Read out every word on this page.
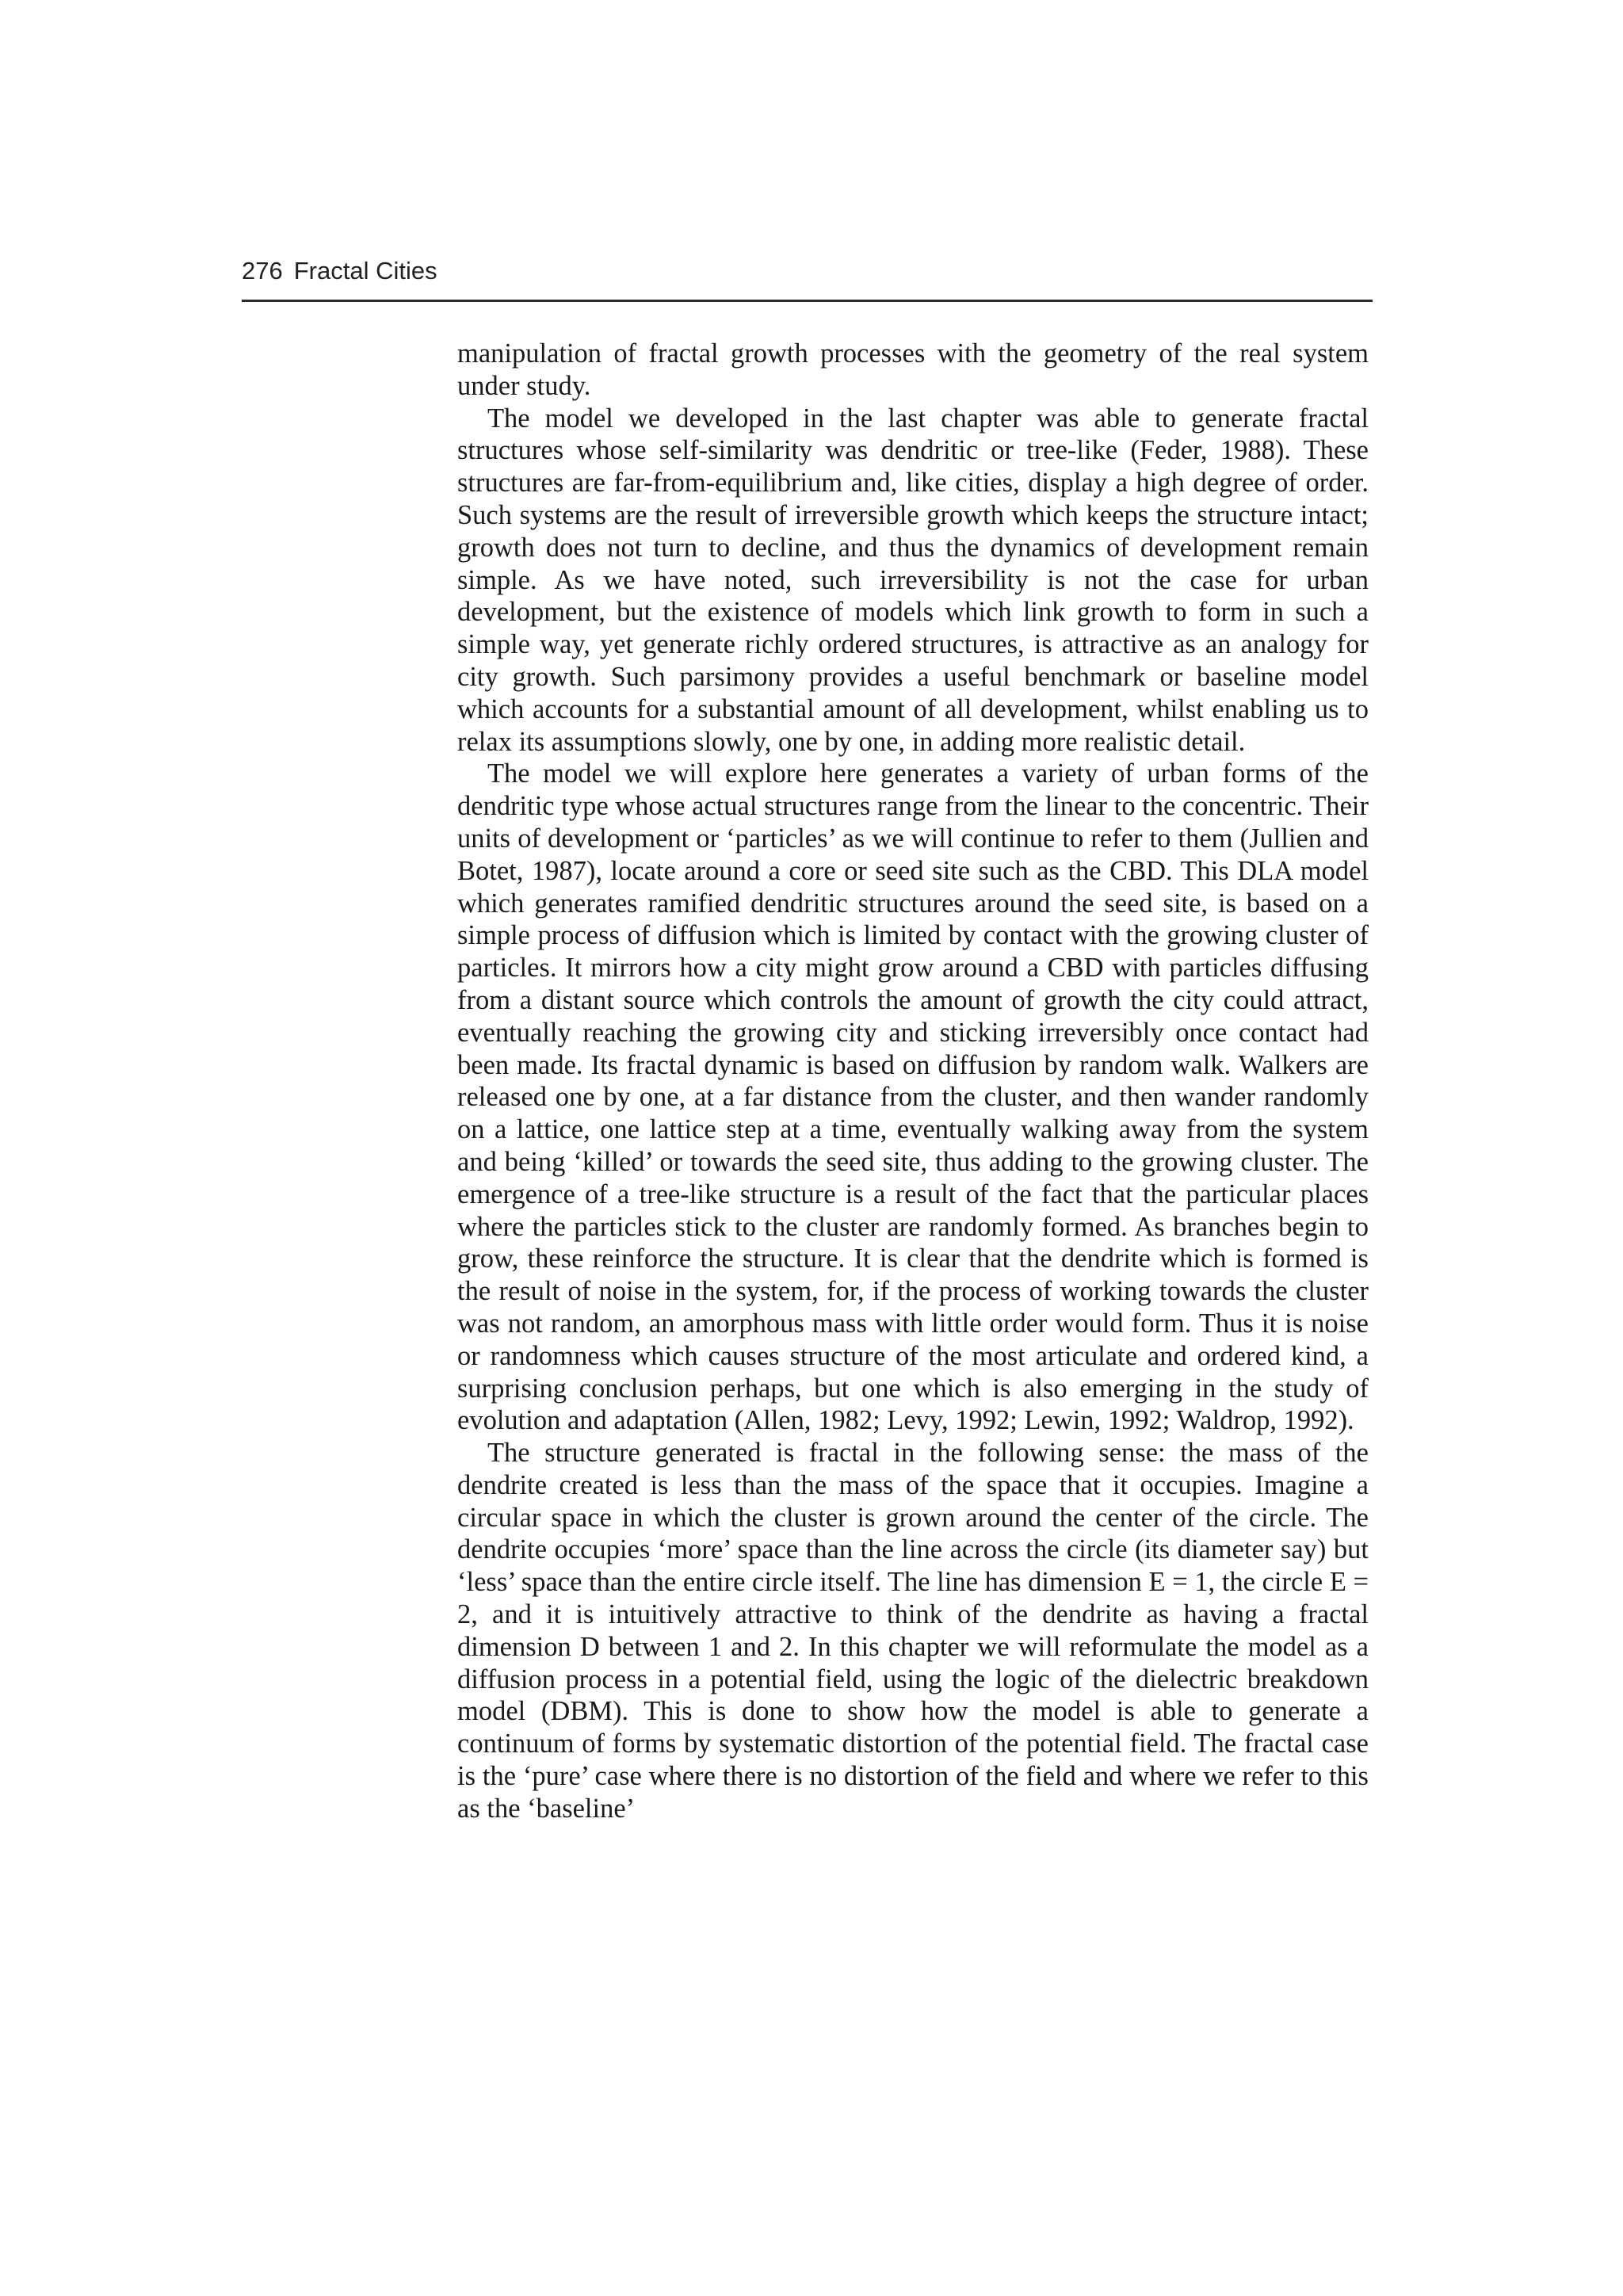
276 Fractal Cities

manipulation of fractal growth processes with the geometry of the real system under study.

The model we developed in the last chapter was able to generate fractal structures whose self-similarity was dendritic or tree-like (Feder, 1988). These structures are far-from-equilibrium and, like cities, display a high degree of order. Such systems are the result of irreversible growth which keeps the structure intact; growth does not turn to decline, and thus the dynamics of development remain simple. As we have noted, such irreversibility is not the case for urban development, but the existence of models which link growth to form in such a simple way, yet generate richly ordered structures, is attractive as an analogy for city growth. Such parsimony provides a useful benchmark or baseline model which accounts for a substantial amount of all development, whilst enabling us to relax its assumptions slowly, one by one, in adding more realistic detail.

The model we will explore here generates a variety of urban forms of the dendritic type whose actual structures range from the linear to the concentric. Their units of development or ‘particles’ as we will continue to refer to them (Jullien and Botet, 1987), locate around a core or seed site such as the CBD. This DLA model which generates ramified dendritic structures around the seed site, is based on a simple process of diffusion which is limited by contact with the growing cluster of particles. It mirrors how a city might grow around a CBD with particles diffusing from a distant source which controls the amount of growth the city could attract, eventually reaching the growing city and sticking irreversibly once contact had been made. Its fractal dynamic is based on diffusion by random walk. Walkers are released one by one, at a far distance from the cluster, and then wander randomly on a lattice, one lattice step at a time, eventually walking away from the system and being ‘killed’ or towards the seed site, thus adding to the growing cluster. The emergence of a tree-like structure is a result of the fact that the particular places where the particles stick to the cluster are randomly formed. As branches begin to grow, these reinforce the structure. It is clear that the dendrite which is formed is the result of noise in the system, for, if the process of working towards the cluster was not random, an amorphous mass with little order would form. Thus it is noise or randomness which causes structure of the most articulate and ordered kind, a surprising conclusion perhaps, but one which is also emerging in the study of evolution and adaptation (Allen, 1982; Levy, 1992; Lewin, 1992; Waldrop, 1992).

The structure generated is fractal in the following sense: the mass of the dendrite created is less than the mass of the space that it occupies. Imagine a circular space in which the cluster is grown around the center of the circle. The dendrite occupies ‘more’ space than the line across the circle (its diameter say) but ‘less’ space than the entire circle itself. The line has dimension E = 1, the circle E = 2, and it is intuitively attractive to think of the dendrite as having a fractal dimension D between 1 and 2. In this chapter we will reformulate the model as a diffusion process in a potential field, using the logic of the dielectric breakdown model (DBM). This is done to show how the model is able to generate a continuum of forms by systematic distortion of the potential field. The fractal case is the ‘pure’ case where there is no distortion of the field and where we refer to this as the ‘baseline’
